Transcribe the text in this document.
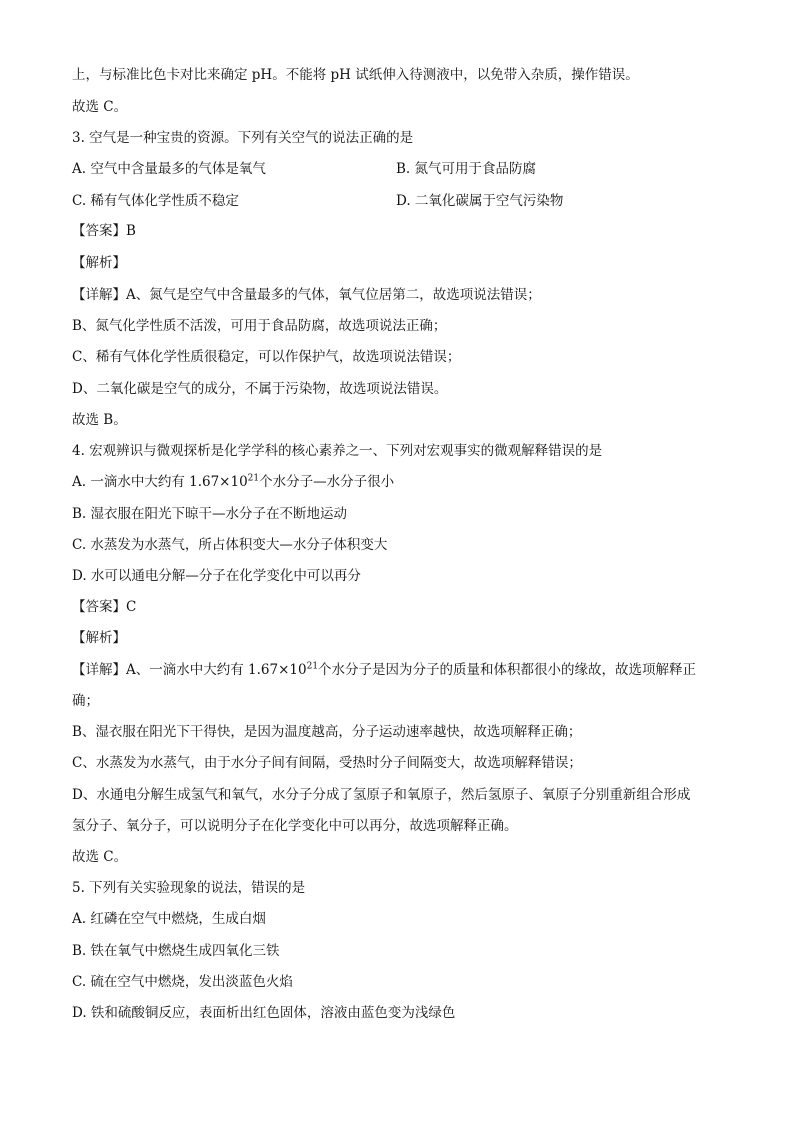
上，与标准比色卡对比来确定 pH。不能将 pH 试纸伸入待测液中，以免带入杂质，操作错误。
故选 C。
3. 空气是一种宝贵的资源。下列有关空气的说法正确的是
A. 空气中含量最多的气体是氧气	B. 氮气可用于食品防腐
C. 稀有气体化学性质不稳定	D. 二氧化碳属于空气污染物
【答案】B
【解析】
【详解】A、氮气是空气中含量最多的气体，氧气位居第二，故选项说法错误；
B、氮气化学性质不活泼，可用于食品防腐，故选项说法正确；
C、稀有气体化学性质很稳定，可以作保护气，故选项说法错误；
D、二氧化碳是空气的成分，不属于污染物，故选项说法错误。
故选 B。
4. 宏观辨识与微观探析是化学学科的核心素养之一、下列对宏观事实的微观解释错误的是
A. 一滴水中大约有 $1.67\times 10^{21}$个水分子—水分子很小
B. 湿衣服在阳光下晾干—水分子在不断地运动
C. 水蒸发为水蒸气，所占体积变大—水分子体积变大
D. 水可以通电分解—分子在化学变化中可以再分
【答案】C
【解析】
【详解】A、一滴水中大约有 $1.67\times 10^{21}$个水分子是因为分子的质量和体积都很小的缘故，故选项解释正
确；
B、湿衣服在阳光下干得快，是因为温度越高，分子运动速率越快，故选项解释正确；
C、水蒸发为水蒸气，由于水分子间有间隔，受热时分子间隔变大，故选项解释错误；
D、水通电分解生成氢气和氧气，水分子分成了氢原子和氧原子，然后氢原子、氧原子分别重新组合形成
氢分子、氧分子，可以说明分子在化学变化中可以再分，故选项解释正确。
故选 C。
5. 下列有关实验现象的说法，错误的是
A. 红磷在空气中燃烧，生成白烟
B. 铁在氧气中燃烧生成四氧化三铁
C. 硫在空气中燃烧，发出淡蓝色火焰
D. 铁和硫酸铜反应，表面析出红色固体，溶液由蓝色变为浅绿色
